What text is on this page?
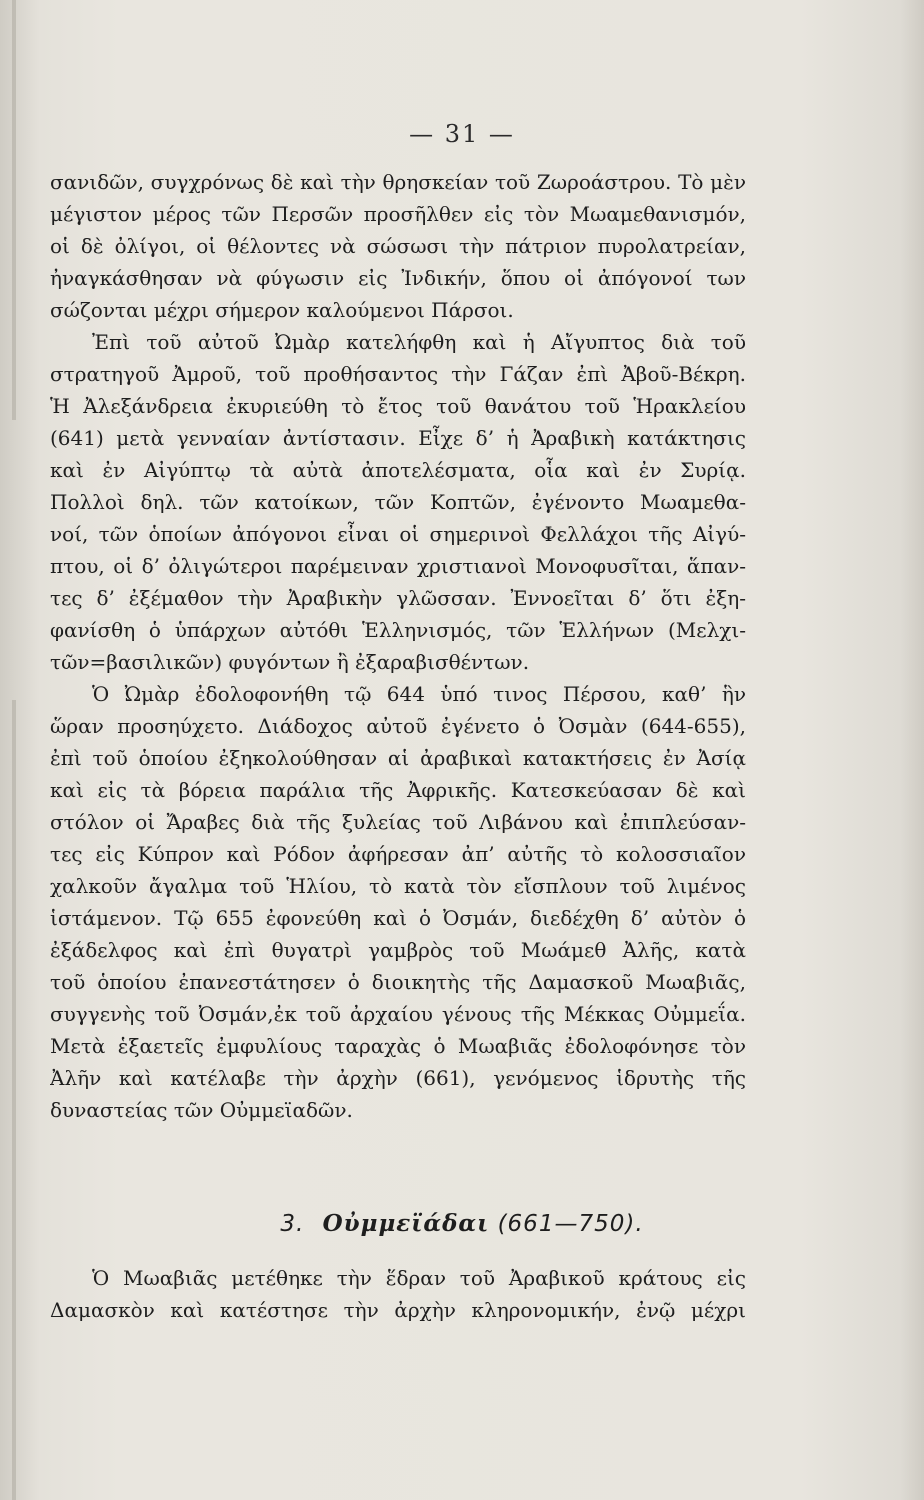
— 31 —
σανιδῶν, συγχρόνως δὲ καὶ τὴν θρησκείαν τοῦ Ζωροάστρου. Τὸ μὲν
μέγιστον μέρος τῶν Περσῶν προσῆλθεν εἰς τὸν Μωαμεθανισμόν,
οἱ δὲ ὀλίγοι, οἱ θέλοντες νὰ σώσωσι τὴν πάτριον πυρολατρείαν,
ἠναγκάσθησαν νὰ φύγωσιν εἰς Ἰνδικήν, ὅπου οἱ ἀπόγονοί των
σώζονται μέχρι σήμερον καλούμενοι Πάρσοι.
Ἐπὶ τοῦ αὐτοῦ Ὠμὰρ κατελήφθη καὶ ἡ Αἴγυπτος διὰ τοῦ
στρατηγοῦ Ἀμροῦ, τοῦ προθήσαντος τὴν Γάζαν ἐπὶ Ἀβοῦ-Βέκρη.
Ἡ Ἀλεξάνδρεια ἐκυριεύθη τὸ ἔτος τοῦ θανάτου τοῦ Ἡρακλείου
(641) μετὰ γενναίαν ἀντίστασιν. Εἶχε δ’ ἡ Ἀραβικὴ κατάκτησις
καὶ ἐν Αἰγύπτῳ τὰ αὐτὰ ἀποτελέσματα, οἷα καὶ ἐν Συρίᾳ.
Πολλοὶ δηλ. τῶν κατοίκων, τῶν Κοπτῶν, ἐγένοντο Μωαμεθα-
νοί, τῶν ὁποίων ἀπόγονοι εἶναι οἱ σημερινοὶ Φελλάχοι τῆς Αἰγύ-
πτου, οἱ δ’ ὀλιγώτεροι παρέμειναν χριστιανοὶ Μονοφυσῖται, ἅπαν-
τες δ’ ἐξέμαθον τὴν Ἀραβικὴν γλῶσσαν. Ἐννοεῖται δ’ ὅτι ἐξη-
φανίσθη ὁ ὑπάρχων αὐτόθι Ἑλληνισμός, τῶν Ἑλλήνων (Μελχι-
τῶν=βασιλικῶν) φυγόντων ἢ ἐξαραβισθέντων.
Ὁ Ὠμὰρ ἐδολοφονήθη τῷ 644 ὑπό τινος Πέρσου, καθ’ ἣν
ὥραν προσηύχετο. Διάδοχος αὐτοῦ ἐγένετο ὁ Ὀσμὰν (644-655),
ἐπὶ τοῦ ὁποίου ἐξηκολούθησαν αἱ ἀραβικαὶ κατακτήσεις ἐν Ἀσίᾳ
καὶ εἰς τὰ βόρεια παράλια τῆς Ἀφρικῆς. Κατεσκεύασαν δὲ καὶ
στόλον οἱ Ἄραβες διὰ τῆς ξυλείας τοῦ Λιβάνου καὶ ἐπιπλεύσαν-
τες εἰς Κύπρον καὶ Ρόδον ἀφήρεσαν ἀπ’ αὐτῆς τὸ κολοσσιαῖον
χαλκοῦν ἄγαλμα τοῦ Ἡλίου, τὸ κατὰ τὸν εἴσπλουν τοῦ λιμένος
ἱστάμενον. Τῷ 655 ἐφονεύθη καὶ ὁ Ὀσμάν, διεδέχθη δ’ αὐτὸν ὁ
ἐξάδελφος καὶ ἐπὶ θυγατρὶ γαμβρὸς τοῦ Μωάμεθ Ἀλῆς, κατὰ
τοῦ ὁποίου ἐπανεστάτησεν ὁ διοικητὴς τῆς Δαμασκοῦ Μωαβιᾶς,
συγγενὴς τοῦ Ὀσμάν,ἐκ τοῦ ἀρχαίου γένους τῆς Μέκκας Οὐμμεΐα.
Μετὰ ἑξαετεῖς ἐμφυλίους ταραχὰς ὁ Μωαβιᾶς ἐδολοφόνησε τὸν
Ἀλῆν καὶ κατέλαβε τὴν ἀρχὴν (661), γενόμενος ἱδρυτὴς τῆς
δυναστείας τῶν Οὐμμεϊαδῶν.
3. Οὐμμεϊάδαι (661—750).
Ὁ Μωαβιᾶς μετέθηκε τὴν ἕδραν τοῦ Ἀραβικοῦ κράτους εἰς
Δαμασκὸν καὶ κατέστησε τὴν ἀρχὴν κληρονομικήν, ἐνῷ μέχρι
